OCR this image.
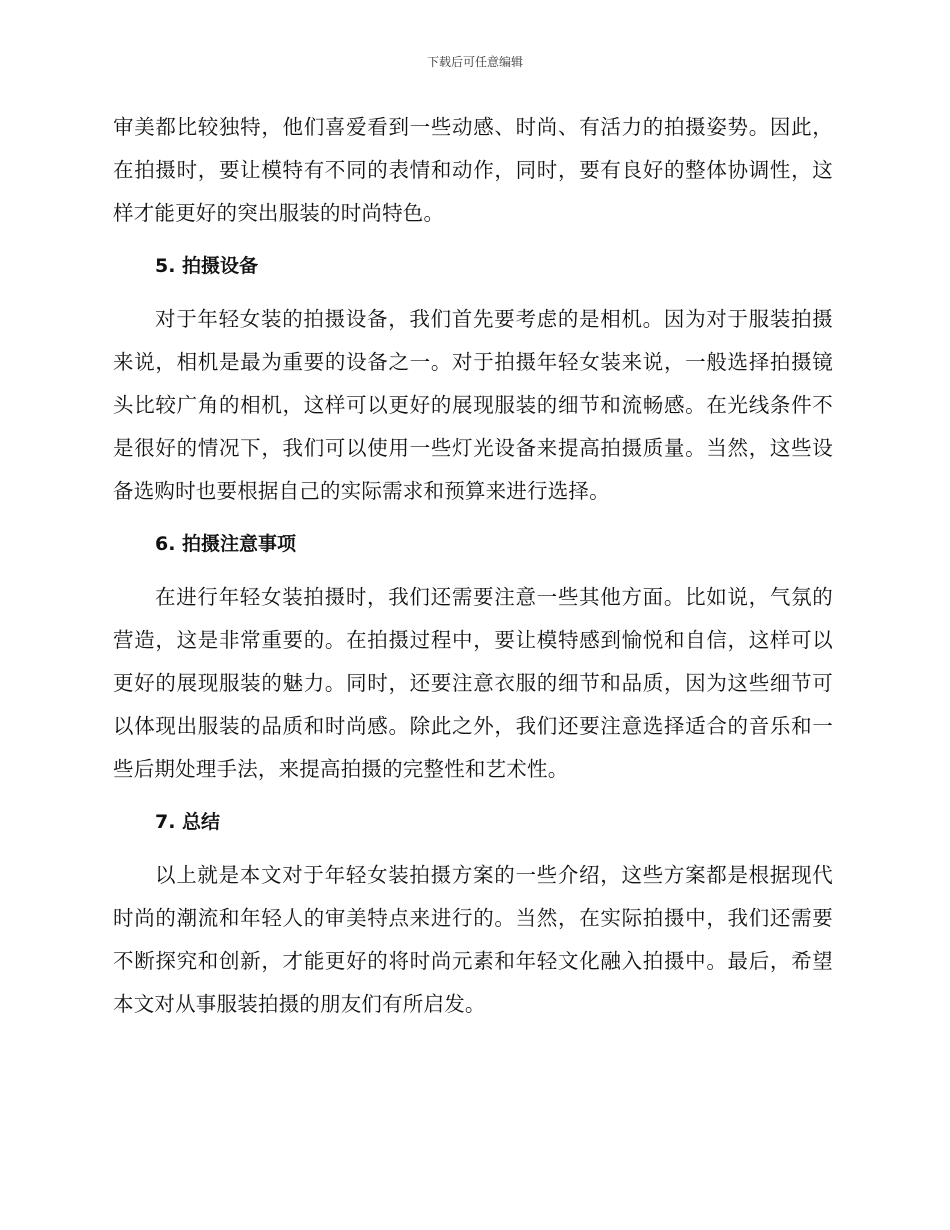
下载后可任意编辑

审美都比较独特，他们喜爱看到一些动感、时尚、有活力的拍摄姿势。因此，在拍摄时，要让模特有不同的表情和动作，同时，要有良好的整体协调性，这样才能更好的突出服装的时尚特色。

5. 拍摄设备

对于年轻女装的拍摄设备，我们首先要考虑的是相机。因为对于服装拍摄来说，相机是最为重要的设备之一。对于拍摄年轻女装来说，一般选择拍摄镜头比较广角的相机，这样可以更好的展现服装的细节和流畅感。在光线条件不是很好的情况下，我们可以使用一些灯光设备来提高拍摄质量。当然，这些设备选购时也要根据自己的实际需求和预算来进行选择。

6. 拍摄注意事项

在进行年轻女装拍摄时，我们还需要注意一些其他方面。比如说，气氛的营造，这是非常重要的。在拍摄过程中，要让模特感到愉悦和自信，这样可以更好的展现服装的魅力。同时，还要注意衣服的细节和品质，因为这些细节可以体现出服装的品质和时尚感。除此之外，我们还要注意选择适合的音乐和一些后期处理手法，来提高拍摄的完整性和艺术性。

7. 总结

以上就是本文对于年轻女装拍摄方案的一些介绍，这些方案都是根据现代时尚的潮流和年轻人的审美特点来进行的。当然，在实际拍摄中，我们还需要不断探究和创新，才能更好的将时尚元素和年轻文化融入拍摄中。最后，希望本文对从事服装拍摄的朋友们有所启发。
